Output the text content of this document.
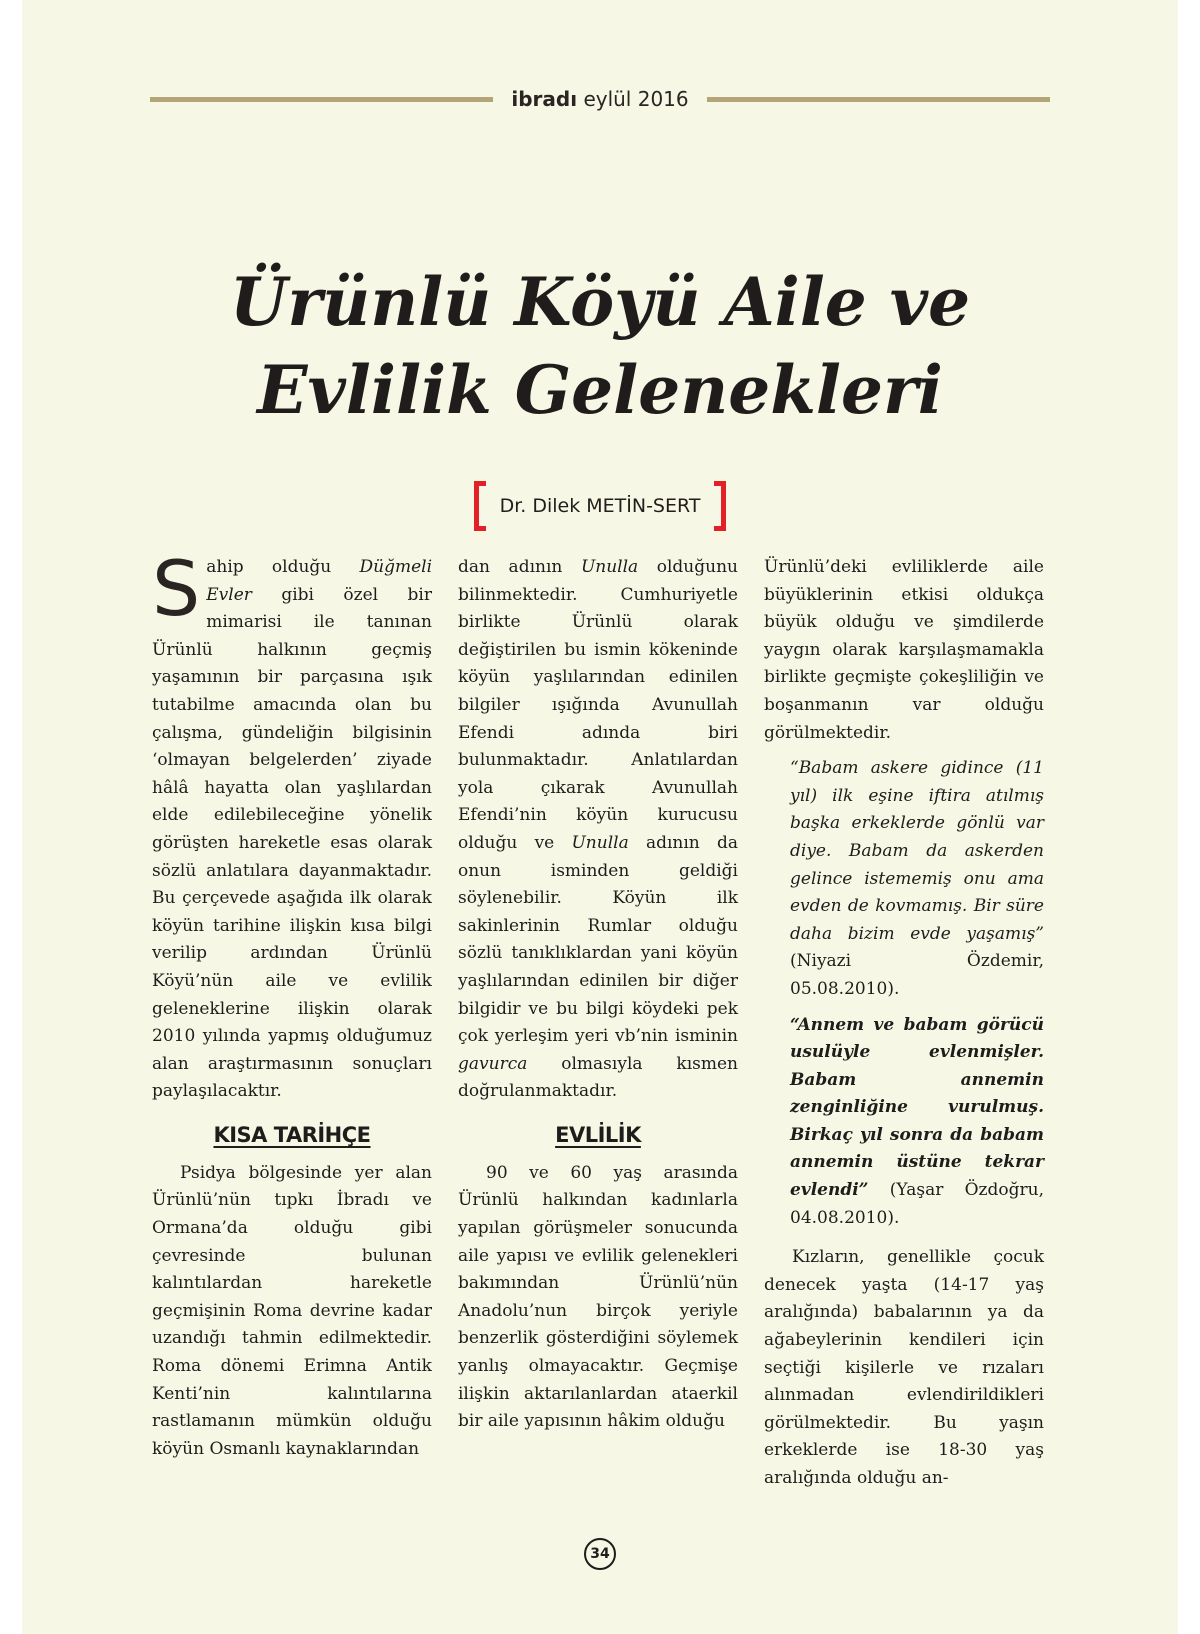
ibradı eylül 2016
Ürünlü Köyü Aile ve
Evlilik Gelenekleri
Dr. Dilek METİN-SERT

Sahip olduğu Düğmeli Evler gibi özel bir mimarisi ile tanınan Ürünlü halkının geçmiş yaşamının bir parçasına ışık tutabilme amacında olan bu çalışma, gündeliğin bilgisinin ‘olmayan belgelerden’ ziyade hâlâ hayatta olan yaşlılardan elde edilebileceğine yönelik görüşten hareketle esas olarak sözlü anlatılara dayanmaktadır. Bu çerçevede aşağıda ilk olarak köyün tarihine ilişkin kısa bilgi verilip ardından Ürünlü Köyü’nün aile ve evlilik geleneklerine ilişkin olarak 2010 yılında yapmış olduğumuz alan araştırmasının sonuçları paylaşılacaktır.

KISA TARİHÇE

Psidya bölgesinde yer alan Ürünlü’nün tıpkı İbradı ve Ormana’da olduğu gibi çevresinde bulunan kalıntılardan hareketle geçmişinin Roma devrine kadar uzandığı tahmin edilmektedir. Roma dönemi Erimna Antik Kenti’nin kalıntılarına rastlamanın mümkün olduğu köyün Osmanlı kaynaklarından

dan adının Unulla olduğunu bilinmektedir. Cumhuriyetle birlikte Ürünlü olarak değiştirilen bu ismin kökeninde köyün yaşlılarından edinilen bilgiler ışığında Avunullah Efendi adında biri bulunmaktadır. Anlatılardan yola çıkarak Avunullah Efendi’nin köyün kurucusu olduğu ve Unulla adının da onun isminden geldiği söylenebilir. Köyün ilk sakinlerinin Rumlar olduğu sözlü tanıklıklardan yani köyün yaşlılarından edinilen bir diğer bilgidir ve bu bilgi köydeki pek çok yerleşim yeri vb’nin isminin gavurca olmasıyla kısmen doğrulanmaktadır.

EVLİLİK

90 ve 60 yaş arasında Ürünlü halkından kadınlarla yapılan görüşmeler sonucunda aile yapısı ve evlilik gelenekleri bakımından Ürünlü’nün Anadolu’nun birçok yeriyle benzerlik gösterdiğini söylemek yanlış olmayacaktır. Geçmişe ilişkin aktarılanlardan ataerkil bir aile yapısının hâkim olduğu

Ürünlü’deki evliliklerde aile büyüklerinin etkisi oldukça büyük olduğu ve şimdilerde yaygın olarak karşılaşmamakla birlikte geçmişte çokeşliliğin ve boşanmanın var olduğu görülmektedir.

“Babam askere gidince (11 yıl) ilk eşine iftira atılmış başka erkeklerde gönlü var diye. Babam da askerden gelince istememiş onu ama evden de kovmamış. Bir süre daha bizim evde yaşamış” (Niyazi Özdemir, 05.08.2010).

“Annem ve babam görücü usulüyle evlenmişler. Babam annemin zenginliğine vurulmuş. Birkaç yıl sonra da babam annemin üstüne tekrar evlendi” (Yaşar Özdoğru, 04.08.2010).

Kızların, genellikle çocuk denecek yaşta (14-17 yaş aralığında) babalarının ya da ağabeylerinin kendileri için seçtiği kişilerle ve rızaları alınmadan evlendirildikleri görülmektedir. Bu yaşın erkeklerde ise 18-30 yaş aralığında olduğu an-

34
